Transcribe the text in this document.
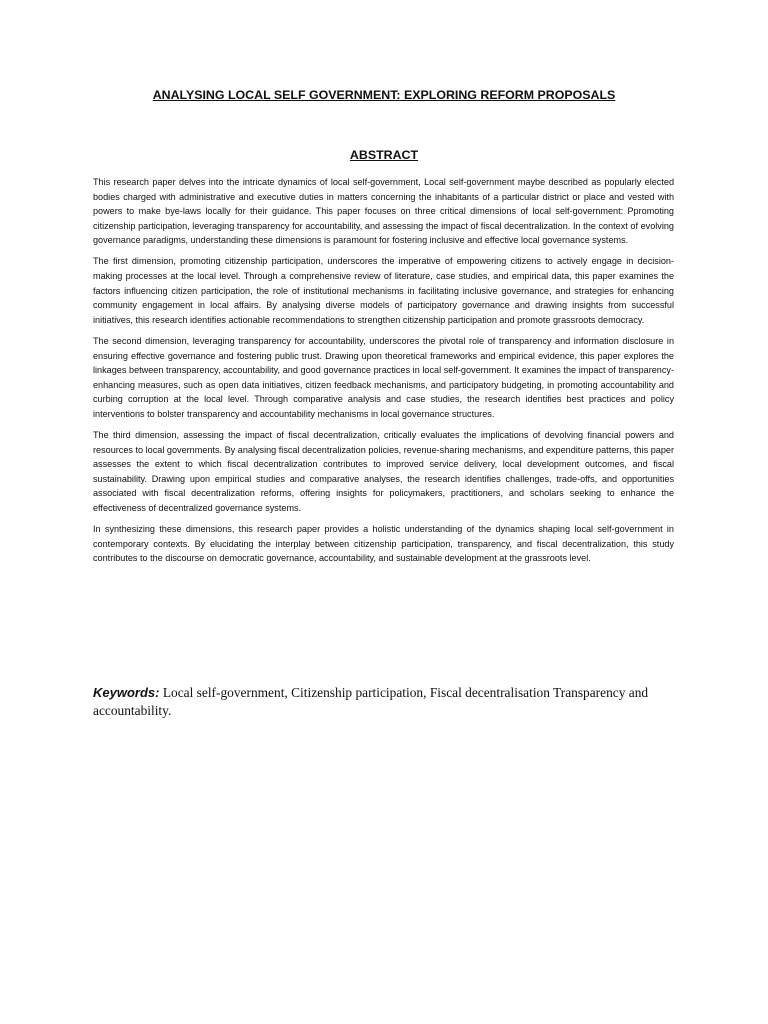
ANALYSING LOCAL SELF GOVERNMENT: EXPLORING REFORM PROPOSALS
ABSTRACT

This research paper delves into the intricate dynamics of local self-government, Local self-government maybe described as popularly elected bodies charged with administrative and executive duties in matters concerning the inhabitants of a particular district or place and vested with powers to make bye-laws locally for their guidance. This paper focuses on three critical dimensions of local self-government: Ppromoting citizenship participation, leveraging transparency for accountability, and assessing the impact of fiscal decentralization. In the context of evolving governance paradigms, understanding these dimensions is paramount for fostering inclusive and effective local governance systems.

The first dimension, promoting citizenship participation, underscores the imperative of empowering citizens to actively engage in decision-making processes at the local level. Through a comprehensive review of literature, case studies, and empirical data, this paper examines the factors influencing citizen participation, the role of institutional mechanisms in facilitating inclusive governance, and strategies for enhancing community engagement in local affairs. By analysing diverse models of participatory governance and drawing insights from successful initiatives, this research identifies actionable recommendations to strengthen citizenship participation and promote grassroots democracy.

The second dimension, leveraging transparency for accountability, underscores the pivotal role of transparency and information disclosure in ensuring effective governance and fostering public trust. Drawing upon theoretical frameworks and empirical evidence, this paper explores the linkages between transparency, accountability, and good governance practices in local self-government. It examines the impact of transparency-enhancing measures, such as open data initiatives, citizen feedback mechanisms, and participatory budgeting, in promoting accountability and curbing corruption at the local level. Through comparative analysis and case studies, the research identifies best practices and policy interventions to bolster transparency and accountability mechanisms in local governance structures.

The third dimension, assessing the impact of fiscal decentralization, critically evaluates the implications of devolving financial powers and resources to local governments. By analysing fiscal decentralization policies, revenue-sharing mechanisms, and expenditure patterns, this paper assesses the extent to which fiscal decentralization contributes to improved service delivery, local development outcomes, and fiscal sustainability. Drawing upon empirical studies and comparative analyses, the research identifies challenges, trade-offs, and opportunities associated with fiscal decentralization reforms, offering insights for policymakers, practitioners, and scholars seeking to enhance the effectiveness of decentralized governance systems.

In synthesizing these dimensions, this research paper provides a holistic understanding of the dynamics shaping local self-government in contemporary contexts. By elucidating the interplay between citizenship participation, transparency, and fiscal decentralization, this study contributes to the discourse on democratic governance, accountability, and sustainable development at the grassroots level.

Keywords: Local self-government, Citizenship participation, Fiscal decentralisation Transparency and accountability.
